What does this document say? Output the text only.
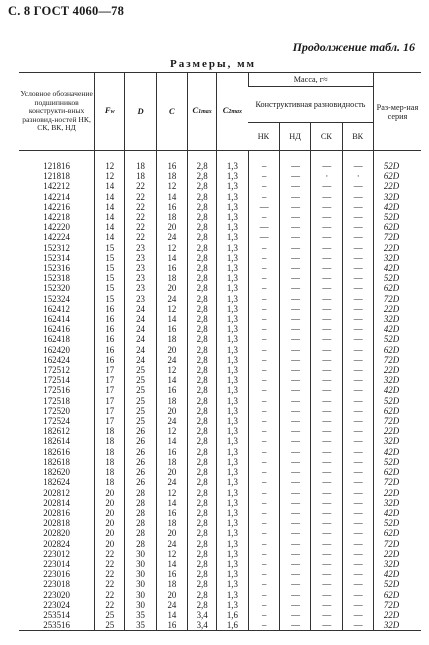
С. 8 ГОСТ 4060—78
Продолжение табл. 16
Размеры, мм
Условное обозначение подшипников конструкти-вных разновид-ностей НК, СК, ВК, НД	Fw	D	C	C1max	C2max	Масса, г≈				Раз-мер-ная серия
						Конструктивная разновидность				
						НК	НД	СК	ВК	

121816	12	18	16	2,8	1,3	–	—	—	—	52D
121818	12	18	18	2,8	1,3	–	—	·	·	62D
142212	14	22	12	2,8	1,3	–	—	—	—	22D
142214	14	22	14	2,8	1,3	–	—	—	—	32D
142216	14	22	16	2,8	1,3	—	—	—	—	42D
142218	14	22	18	2,8	1,3	–	—	—	—	52D
142220	14	22	20	2,8	1,3	—	—	—	—	62D
142224	14	22	24	2,8	1,3	—	—	—	—	72D
152312	15	23	12	2,8	1,3	–	—	—	—	22D
152314	15	23	14	2,8	1,3	–	—	—	—	32D
152316	15	23	16	2,8	1,3	–	—	—	—	42D
152318	15	23	18	2,8	1,3	–	—	—	—	52D
152320	15	23	20	2,8	1,3	–	—	—	—	62D
152324	15	23	24	2,8	1,3	–	—	—	—	72D
162412	16	24	12	2,8	1,3	–	—	—	—	22D
162414	16	24	14	2,8	1,3	–	—	—	—	32D
162416	16	24	16	2,8	1,3	–	—	—	—	42D
162418	16	24	18	2,8	1,3	–	—	—	—	52D
162420	16	24	20	2,8	1,3	–	—	—	—	62D
162424	16	24	24	2,8	1,3	–	—	—	—	72D
172512	17	25	12	2,8	1,3	–	—	—	—	22D
172514	17	25	14	2,8	1,3	–	—	—	—	32D
172516	17	25	16	2,8	1,3	–	—	—	—	42D
172518	17	25	18	2,8	1,3	–	—	—	—	52D
172520	17	25	20	2,8	1,3	–	—	—	—	62D
172524	17	25	24	2,8	1,3	–	—	—	—	72D
182612	18	26	12	2,8	1,3	–	—	—	—	22D
182614	18	26	14	2,8	1,3	–	—	—	—	32D
182616	18	26	16	2,8	1,3	–	—	—	—	42D
182618	18	26	18	2,8	1,3	–	—	—	—	52D
182620	18	26	20	2,8	1,3	–	—	—	—	62D
182624	18	26	24	2,8	1,3	–	—	—	—	72D
202812	20	28	12	2,8	1,3	–	—	—	—	22D
202814	20	28	14	2,8	1,3	–	—	—	—	32D
202816	20	28	16	2,8	1,3	–	—	—	—	42D
202818	20	28	18	2,8	1,3	–	—	—	—	52D
202820	20	28	20	2,8	1,3	–	—	—	—	62D
202824	20	28	24	2,8	1,3	–	—	—	—	72D
223012	22	30	12	2,8	1,3	–	—	—	—	22D
223014	22	30	14	2,8	1,3	–	—	—	—	32D
223016	22	30	16	2,8	1,3	–	—	—	—	42D
223018	22	30	18	2,8	1,3	–	—	—	—	52D
223020	22	30	20	2,8	1,3	–	—	—	—	62D
223024	22	30	24	2,8	1,3	–	—	—	—	72D
253514	25	35	14	3,4	1,6	–	—	—	—	22D
253516	25	35	16	3,4	1,6	–	—	—	—	32D
